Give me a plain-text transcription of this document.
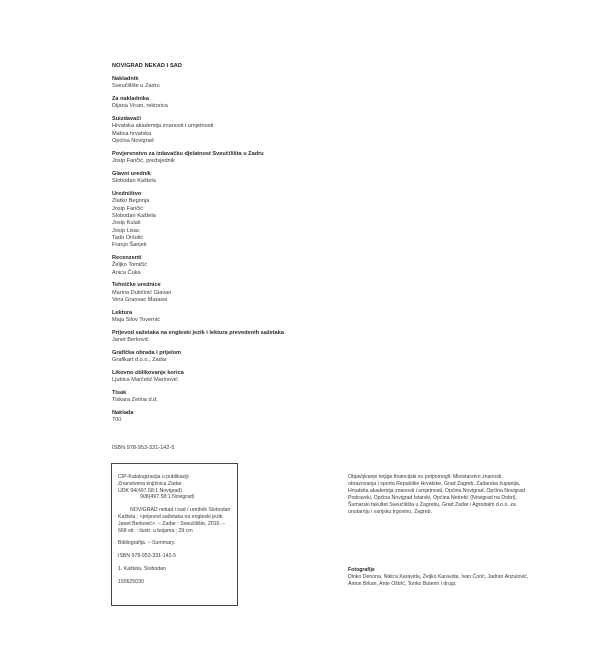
NOVIGRAD NEKAD I SAD
Nakladnik
Sveučilište u Zadru
Za nakladnika
Dijana Vican, rektorica
Suizdavači
Hrvatska akademija znanosti i umjetnosti
Matica hrvatska
Općina Novigrad
Povjerenstvo za izdavačku djelatnost Sveučilišta u Zadru
Josip Faričić, predsjednik
Glavni urednik
Slobodan Kaštela
Uredništvo
Zlatko Begonja
Josip Faričić
Slobodan Kaštela
Josip Kulaš
Josip Lisac
Tado Oršolić
Franjo Šanjek
Recenzenti
Željko Tomičić
Anica Čuka
Tehničke urednice
Marina Dubčinić Glavan
Vera Graovac Matassi
Lektura
Maja Silov Tovernić
Prijevod sažetaka na engleski jezik i lektura prevedenih sažetaka
Janet Berković
Grafička obrada i prijelom
Grafikart d.o.o., Zadar
Likovno oblikovanje korica
Ljubica Marčetić Marinović
Tisak
Tiskara Zelina d.d.
Naklada
700
ISBN 978-953-331-142-5

CIP-Katalogizacija u publikaciji

Znanstvena knjižnica Zadar

UDK 94(497.58:1 Novigrad)

908(497.58:1 Novigrad)

NOVIGRAD nekad i sad / urednik Slobodan Kaštela ; <prijevod sažetaka na engleski jezik Janet Berković>. – Zadar : Sveučilište, 2016. – 668 str. : ilustr. u bojama ; 29 cm

Bibliografija. – Summary.

ISBN 978-953-331-142-5

1. Kaštela, Slobodan

150625030

Objavljivanje knjige financijski su potpomogli: Ministarstvo znanosti, obrazovanja i sporta Republike Hrvatske, Grad Zagreb, Zadarska županija, Hrvatska akademija znanosti i umjetnosti, Općina Novigrad, Općina Novigrad Podravski, Općina Novigrad Istarski, Općina Netretić (Novigrad na Dobri), Šumarski fakultet Sveučilišta u Zagrebu, Grad Zadar i Agrodalm d.o.o. za unutarnju i vanjsku trgovinu, Zagreb.
Fotografije
Dinko Denona, Nikica Karavida, Željko Karavida, Ivan Ćorić, Jadran Anzulović, Antun Brkan, Ante Oštrić, Tonko Buterin i drugi.
